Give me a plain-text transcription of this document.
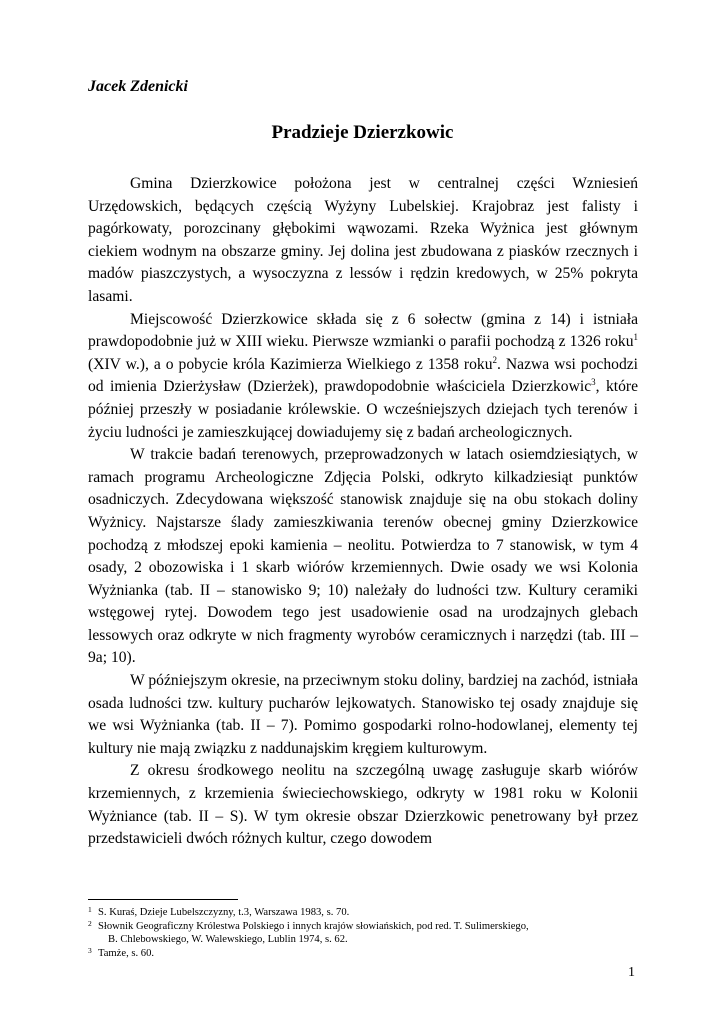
Jacek Zdenicki
Pradzieje Dzierzkowic

Gmina Dzierzkowice położona jest w centralnej części Wzniesień Urzędowskich, będących częścią Wyżyny Lubelskiej. Krajobraz jest falisty i pagórkowaty, porozcinany głębokimi wąwozami. Rzeka Wyżnica jest głównym ciekiem wodnym na obszarze gminy. Jej dolina jest zbudowana z piasków rzecznych i madów piaszczystych, a wysoczyzna z lessów i rędzin kredowych, w 25% pokryta lasami.

Miejscowość Dzierzkowice składa się z 6 sołectw (gmina z 14) i istniała prawdopodobnie już w XIII wieku. Pierwsze wzmianki o parafii pochodzą z 1326 roku$^1$ (XIV w.), a o pobycie króla Kazimierza Wielkiego z 1358 roku$^2$. Nazwa wsi pochodzi od imienia Dzierżysław (Dzierżek), prawdopodobnie właściciela Dzierzkowic$^3$, które później przeszły w posiadanie królewskie. O wcześniejszych dziejach tych terenów i życiu ludności je zamieszkującej dowiadujemy się z badań archeologicznych.

W trakcie badań terenowych, przeprowadzonych w latach osiemdziesiątych, w ramach programu Archeologiczne Zdjęcia Polski, odkryto kilkadziesiąt punktów osadniczych. Zdecydowana większość stanowisk znajduje się na obu stokach doliny Wyżnicy. Najstarsze ślady zamieszkiwania terenów obecnej gminy Dzierzkowice pochodzą z młodszej epoki kamienia – neolitu. Potwierdza to 7 stanowisk, w tym 4 osady, 2 obozowiska i 1 skarb wiórów krzemiennych. Dwie osady we wsi Kolonia Wyżnianka (tab. II – stanowisko 9; 10) należały do ludności tzw. Kultury ceramiki wstęgowej rytej. Dowodem tego jest usadowienie osad na urodzajnych glebach lessowych oraz odkryte w nich fragmenty wyrobów ceramicznych i narzędzi (tab. III – 9a; 10).

W późniejszym okresie, na przeciwnym stoku doliny, bardziej na zachód, istniała osada ludności tzw. kultury pucharów lejkowatych. Stanowisko tej osady znajduje się we wsi Wyżnianka (tab. II – 7). Pomimo gospodarki rolno-hodowlanej, elementy tej kultury nie mają związku z naddunajskim kręgiem kulturowym.

Z okresu środkowego neolitu na szczególną uwagę zasługuje skarb wiórów krzemiennych, z krzemienia świeciechowskiego, odkryty w 1981 roku w Kolonii Wyżniance (tab. II – S). W tym okresie obszar Dzierzkowic penetrowany był przez przedstawicieli dwóch różnych kultur, czego dowodem

1 S. Kuraś, Dzieje Lubelszczyzny, t.3, Warszawa 1983, s. 70.
2 Słownik Geograficzny Królestwa Polskiego i innych krajów słowiańskich, pod red. T. Sulimerskiego,
B. Chlebowskiego, W. Walewskiego, Lublin 1974, s. 62.
3 Tamże, s. 60.
1
